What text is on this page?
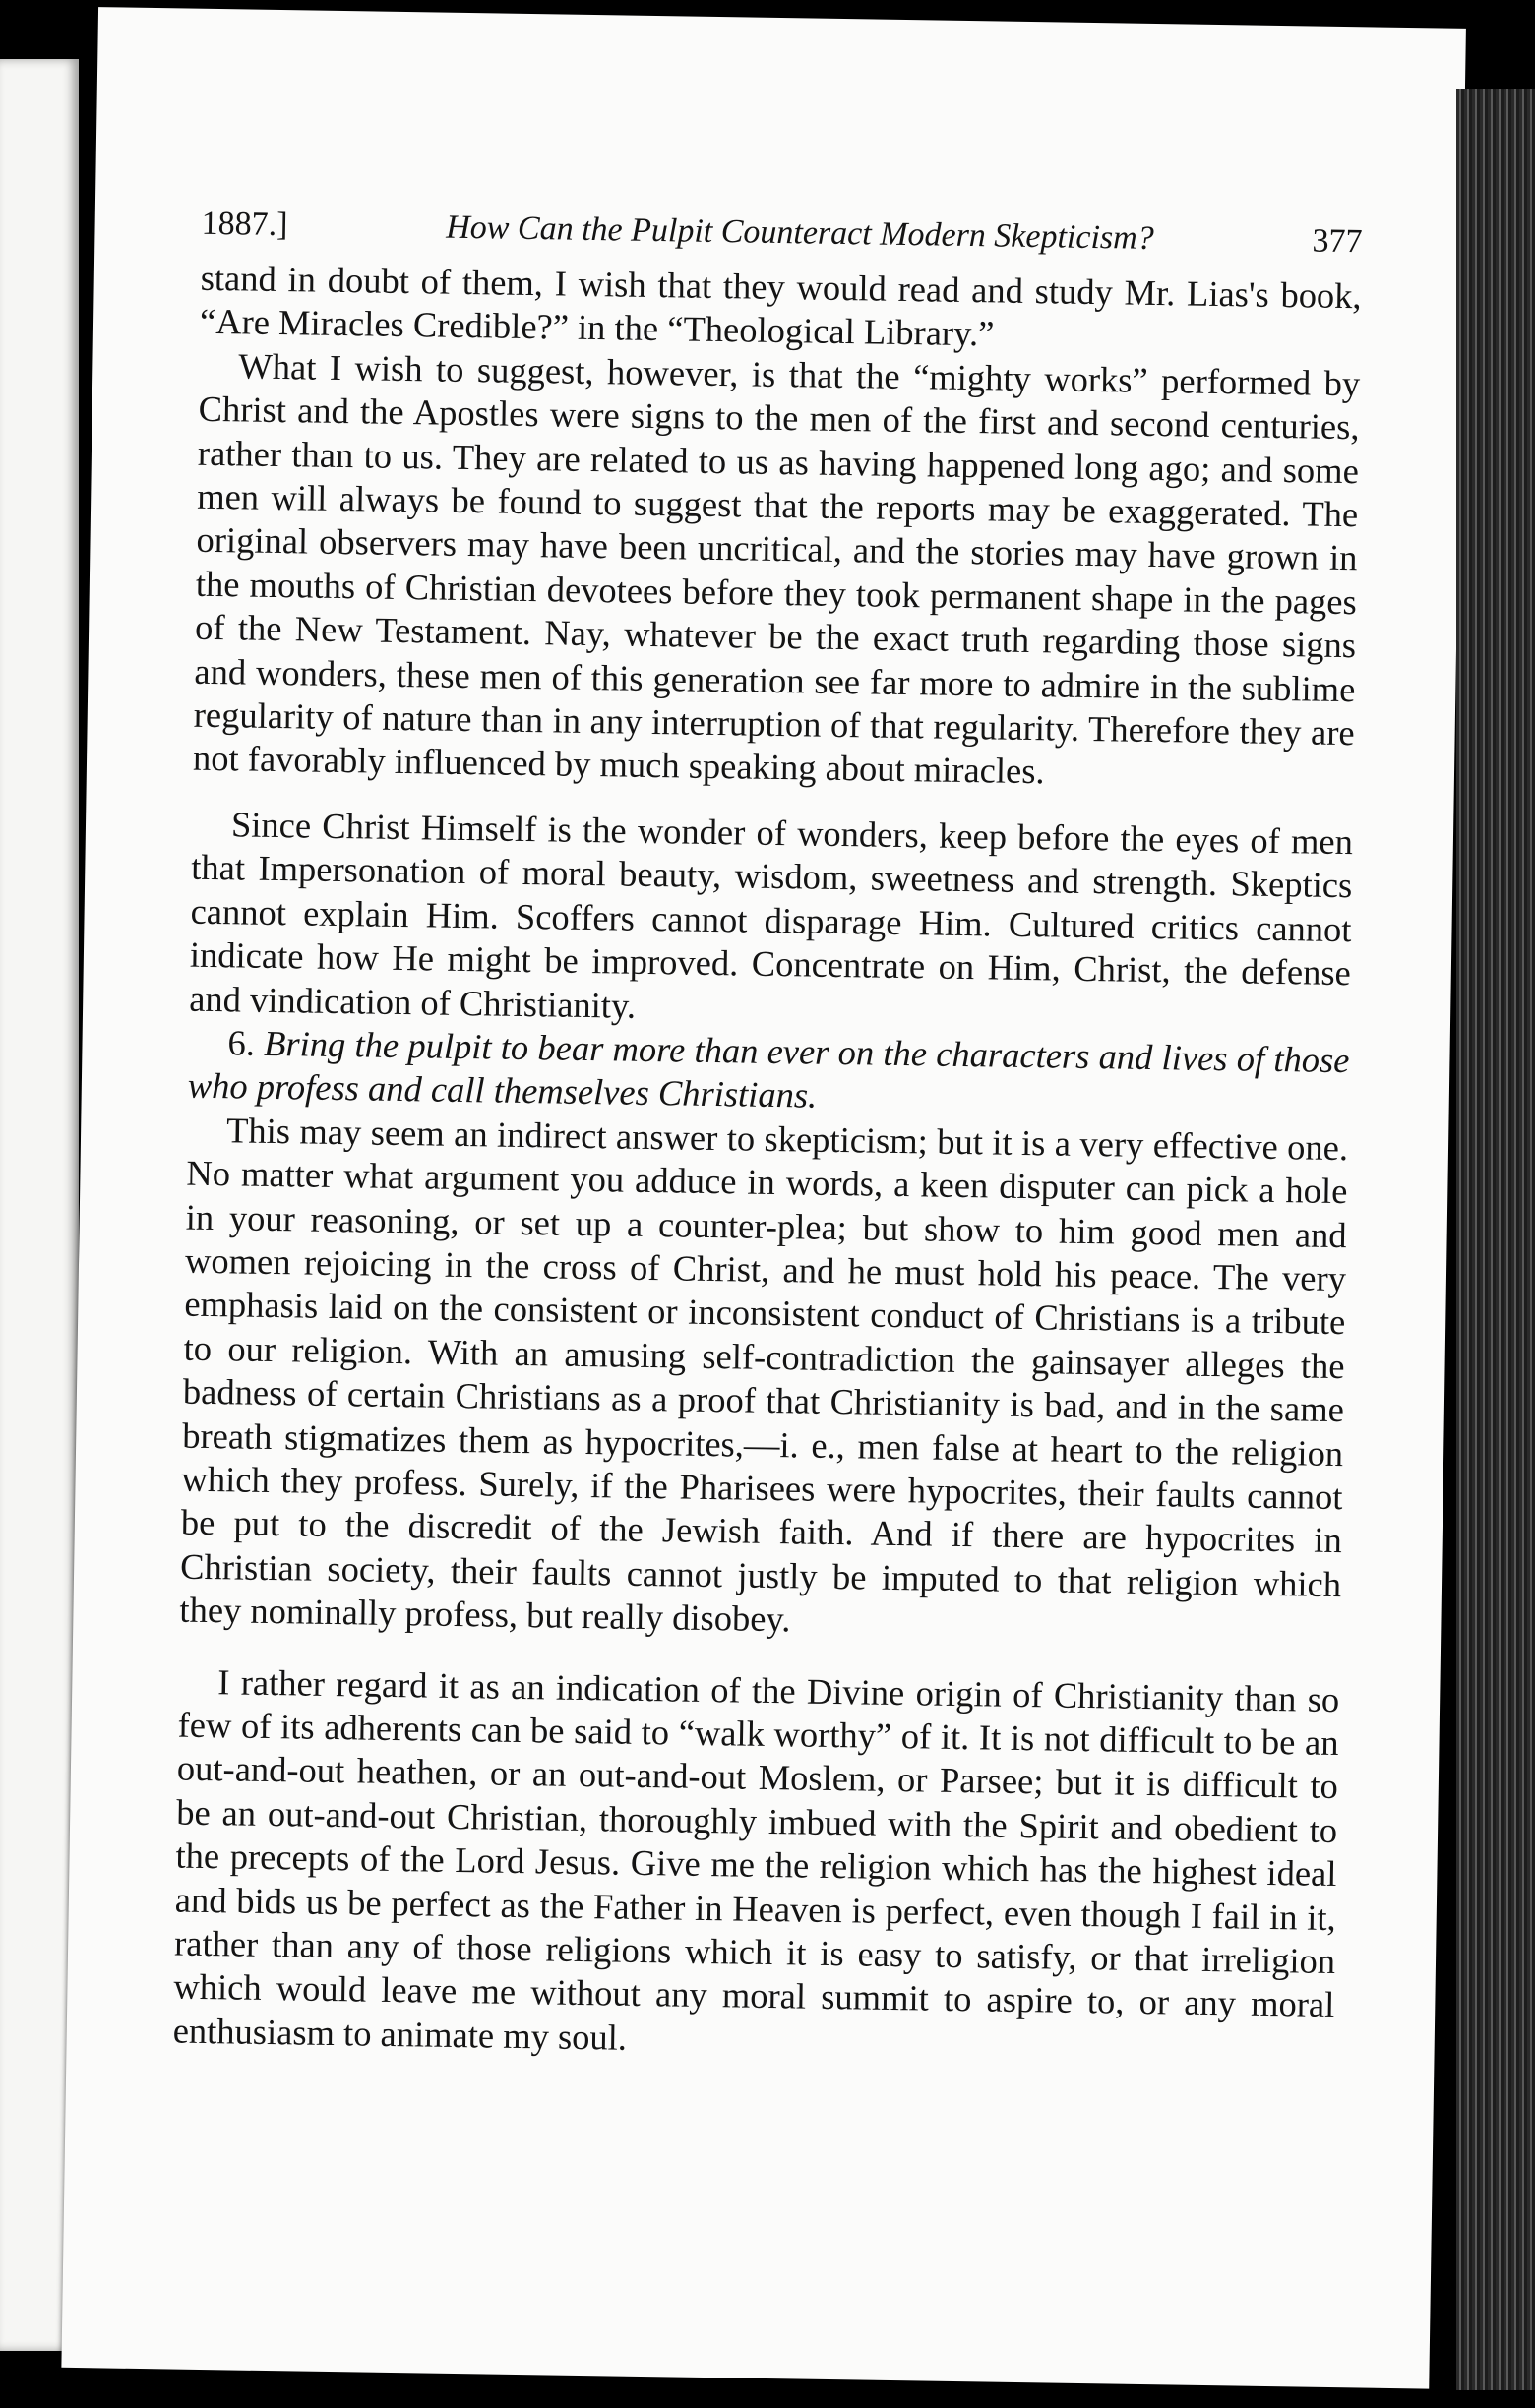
1887.]	How Can the Pulpit Counteract Modern Skepticism?	377

stand in doubt of them, I wish that they would read and study Mr. Lias's book, “Are Miracles Credible?” in the “Theological Library.”

What I wish to suggest, however, is that the “mighty works” performed by Christ and the Apostles were signs to the men of the first and second centuries, rather than to us. They are related to us as having happened long ago; and some men will always be found to suggest that the reports may be exaggerated. The original observers may have been uncritical, and the stories may have grown in the mouths of Christian devotees before they took permanent shape in the pages of the New Testament. Nay, whatever be the exact truth regarding those signs and wonders, these men of this generation see far more to admire in the sublime regularity of nature than in any interruption of that regularity. Therefore they are not favorably influenced by much speaking about miracles.

Since Christ Himself is the wonder of wonders, keep before the eyes of men that Impersonation of moral beauty, wisdom, sweetness and strength. Skeptics cannot explain Him. Scoffers cannot disparage Him. Cultured critics cannot indicate how He might be improved. Concentrate on Him, Christ, the defense and vindication of Christianity.

6. Bring the pulpit to bear more than ever on the characters and lives of those who profess and call themselves Christians.

This may seem an indirect answer to skepticism; but it is a very effective one. No matter what argument you adduce in words, a keen disputer can pick a hole in your reasoning, or set up a counter-plea; but show to him good men and women rejoicing in the cross of Christ, and he must hold his peace. The very emphasis laid on the consistent or inconsistent conduct of Christians is a tribute to our religion. With an amusing self-contradiction the gainsayer alleges the badness of certain Christians as a proof that Christianity is bad, and in the same breath stigmatizes them as hypocrites,—i. e., men false at heart to the religion which they profess. Surely, if the Pharisees were hypocrites, their faults cannot be put to the discredit of the Jewish faith. And if there are hypocrites in Christian society, their faults cannot justly be imputed to that religion which they nominally profess, but really disobey.

I rather regard it as an indication of the Divine origin of Christianity than so few of its adherents can be said to “walk worthy” of it. It is not difficult to be an out-and-out heathen, or an out-and-out Moslem, or Parsee; but it is difficult to be an out-and-out Christian, thoroughly imbued with the Spirit and obedient to the precepts of the Lord Jesus. Give me the religion which has the highest ideal and bids us be perfect as the Father in Heaven is perfect, even though I fail in it, rather than any of those religions which it is easy to satisfy, or that irreligion which would leave me without any moral summit to aspire to, or any moral enthusiasm to animate my soul.
